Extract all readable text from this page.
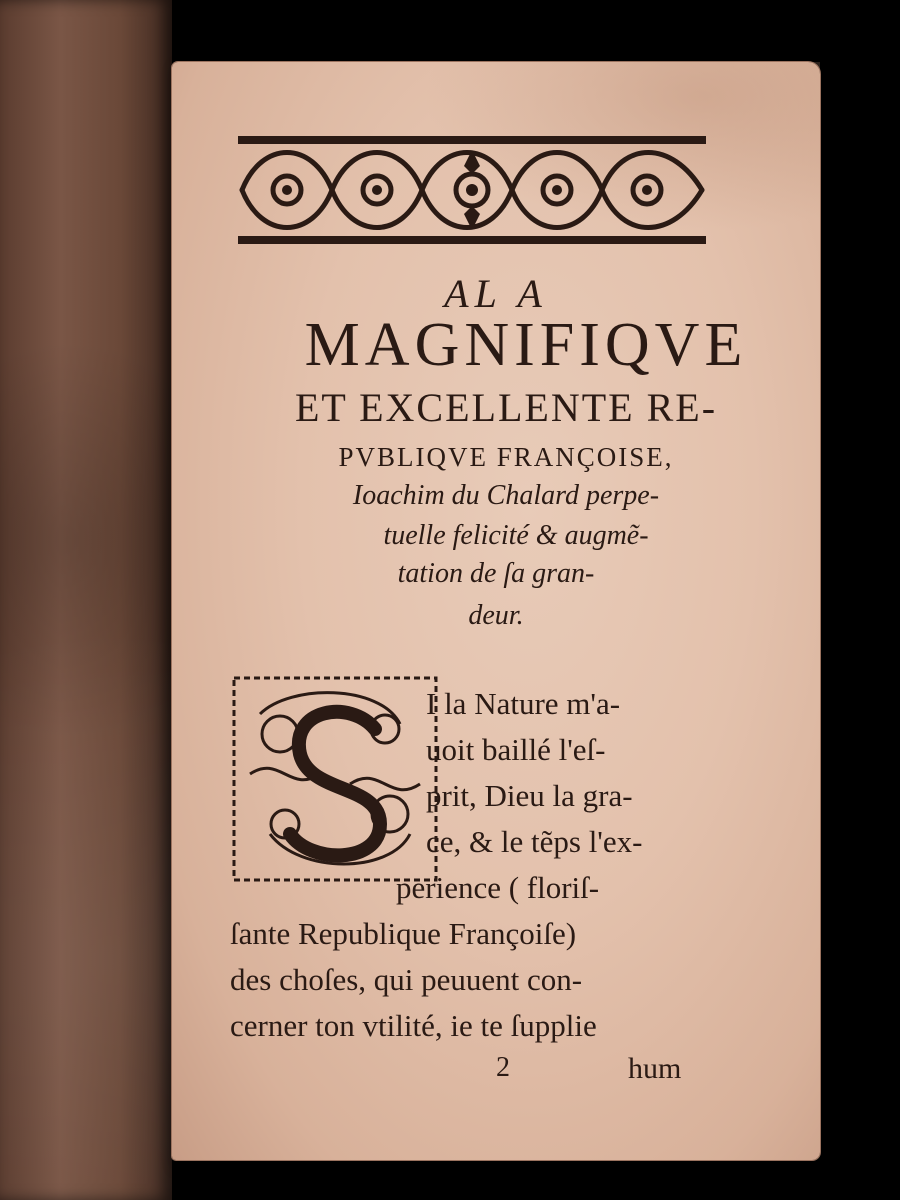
AL A

MAGNIFIQVE

ET EXCELLENTE RE-

PVBLIQVE FRANÇOISE,

Ioachim du Chalard perpe-

tuelle felicité & augmẽ-

tation de ſa gran-

deur.

I la Nature m'a-

uoit baillé l'eſ-

prit, Dieu la gra-

ce, & le tẽps l'ex-

perience ( floriſ-

ſante Republique Françoiſe)

des choſes, qui peuuent con-

cerner ton vtilité, ie te ſupplie

2	hum
